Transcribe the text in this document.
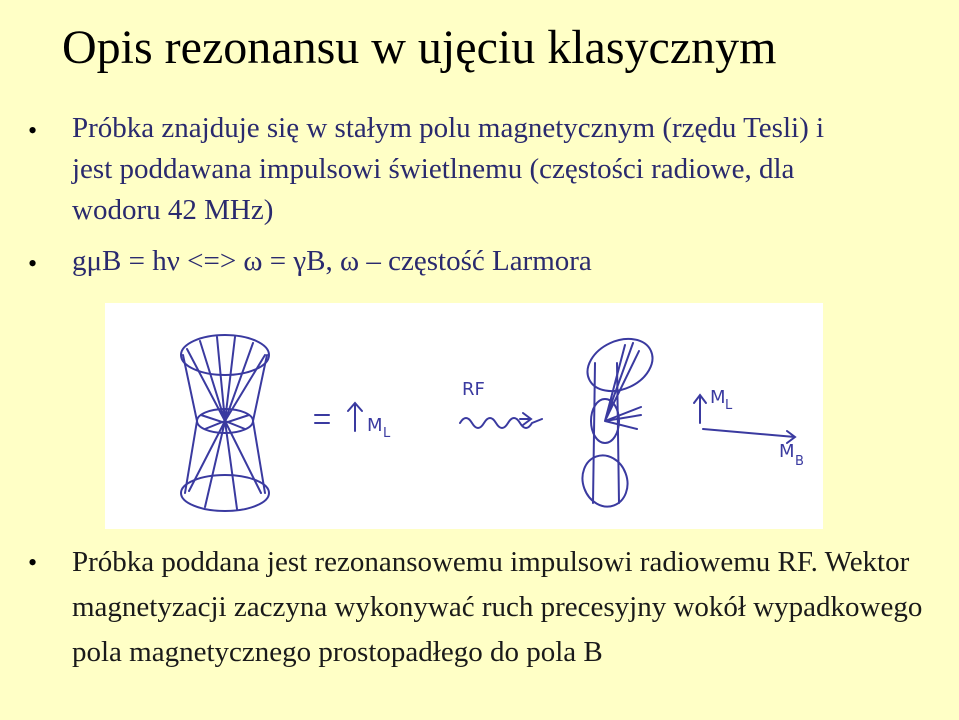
Opis rezonansu w ujęciu klasycznym
• Próbka znajduje się w stałym polu magnetycznym (rzędu Tesli) i jest poddawana impulsowi świetlnemu (częstości radiowe, dla wodoru 42 MHz)
• gμB = hν <=> ω = γB, ω – częstość Larmora
M L
RF	M L
M B
• Próbka poddana jest rezonansowemu impulsowi radiowemu RF. Wektor magnetyzacji zaczyna wykonywać ruch precesyjny wokół wypadkowego pola magnetycznego prostopadłego do pola B
